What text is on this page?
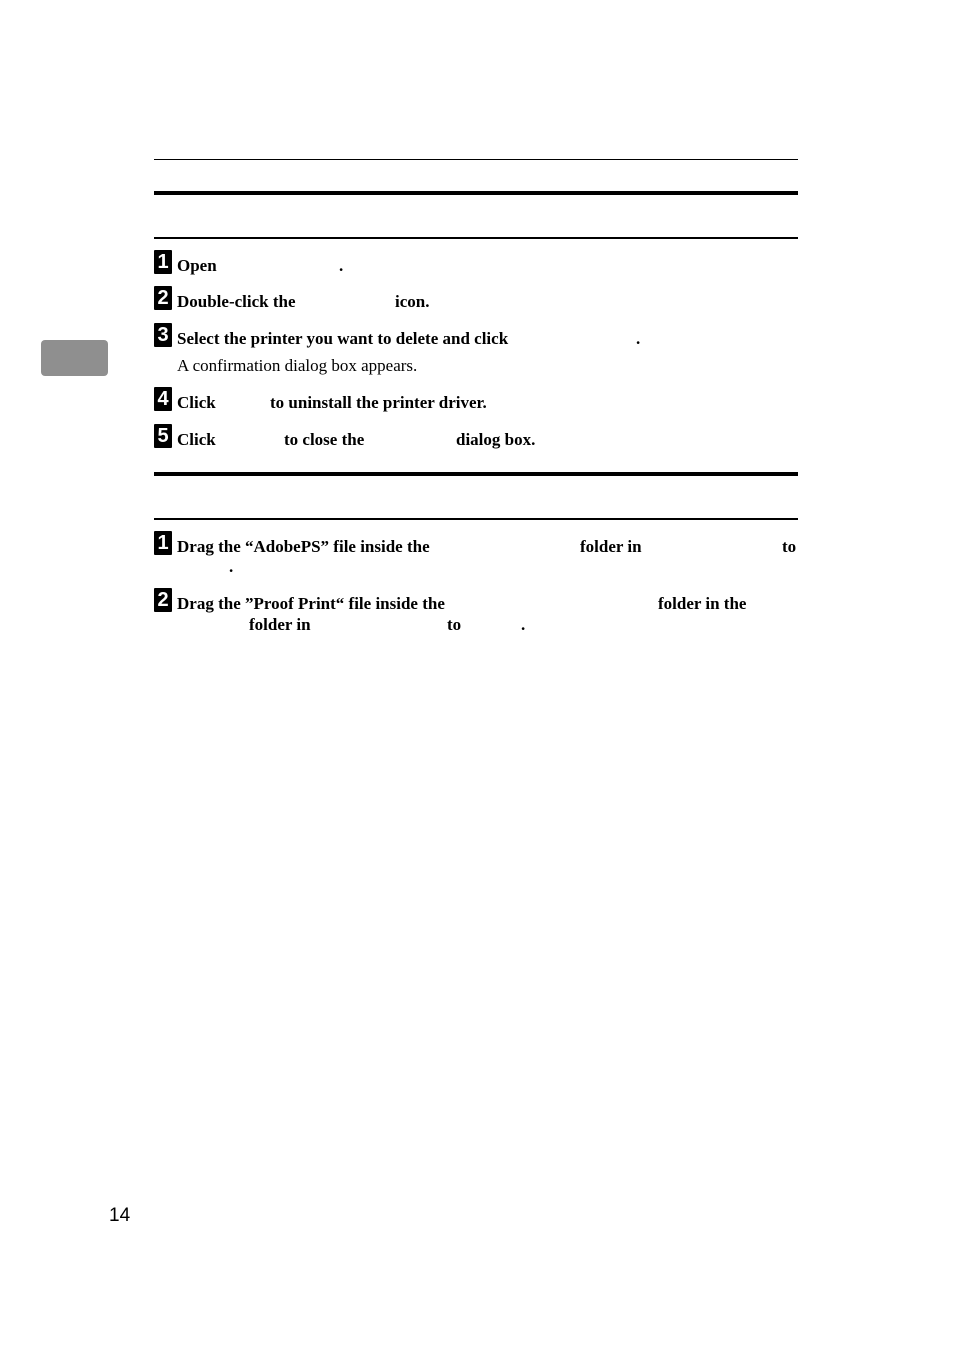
1 Open	.
2 Double-click the	icon.
3 Select the printer you want to delete and click	.
A confirmation dialog box appears.
4 Click	to uninstall the printer driver.
5 Click	to close the	dialog box.
1 Drag the “AdobePS” file inside the	folder in	to
.
2 Drag the ”Proof Print“ file inside the	folder in the
folder in	to	.
14
